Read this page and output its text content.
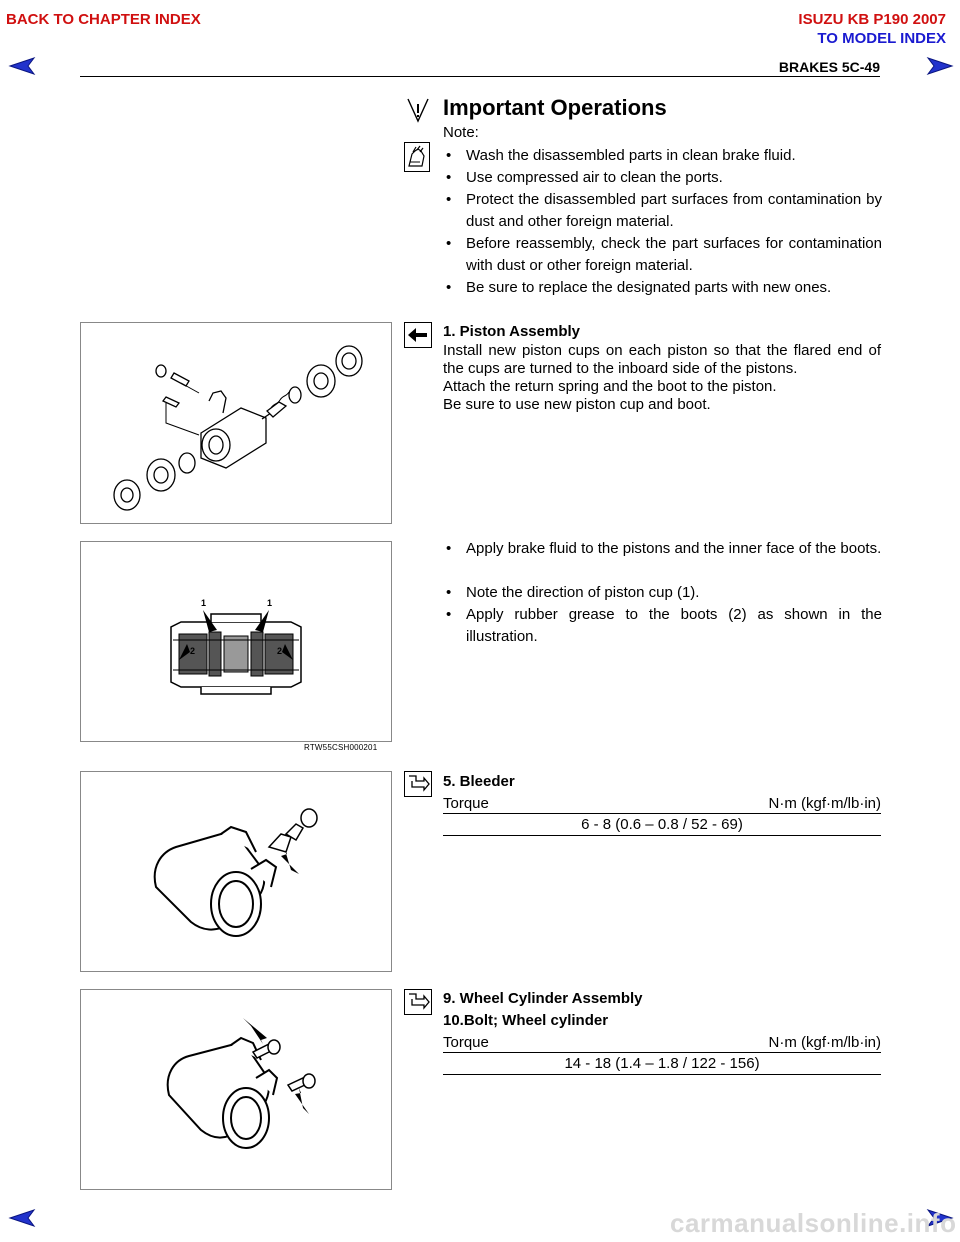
BACK TO CHAPTER INDEX	ISUZU KB P190 2007
TO MODEL INDEX
BRAKES 5C-49
Important Operations
Note:
• Wash the disassembled parts in clean brake fluid.
• Use compressed air to clean the ports.
• Protect the disassembled part surfaces from contamination by dust and other foreign material.
• Before reassembly, check the part surfaces for contamination with dust or other foreign material.
• Be sure to replace the designated parts with new ones.
1. Piston Assembly
Install new piston cups on each piston so that the flared end of the cups are turned to the inboard side of the pistons.
Attach the return spring and the boot to the piston.
Be sure to use new piston cup and boot.
1	1
2	2
RTW55CSH000201
• Apply brake fluid to the pistons and the inner face of the boots.
• Note the direction of piston cup (1).
• Apply rubber grease to the boots (2) as shown in the illustration.
5. Bleeder
Torque	N·m (kgf·m/lb·in)
6 - 8 (0.6 – 0.8 / 52 - 69)
9. Wheel Cylinder Assembly
10.Bolt; Wheel cylinder
Torque	N·m (kgf·m/lb·in)
14 - 18 (1.4 – 1.8 / 122 - 156)
carmanualsonline.info
